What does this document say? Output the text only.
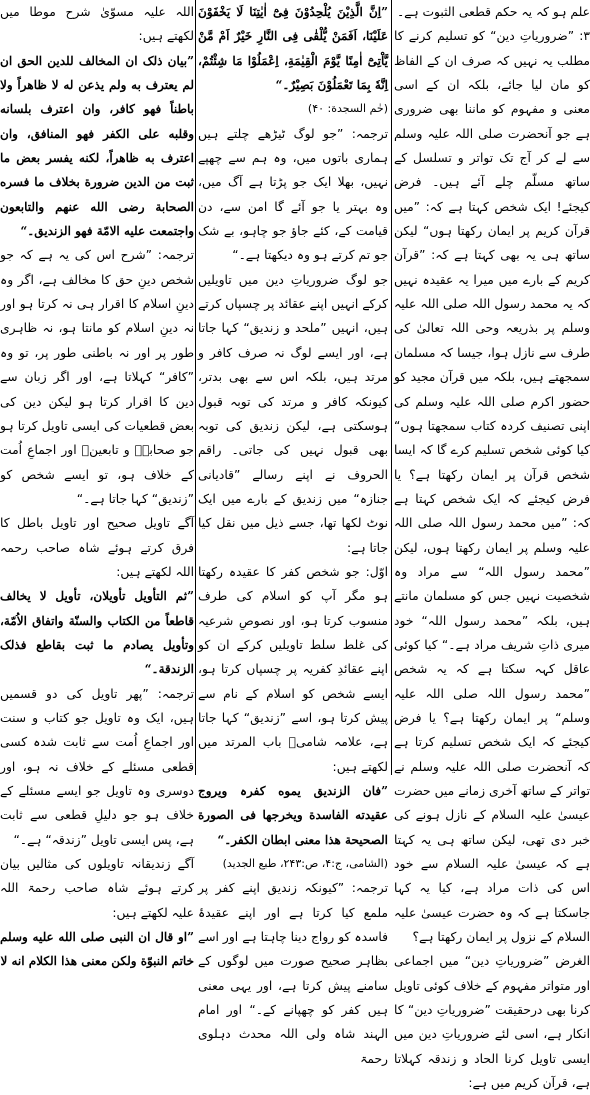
علم ہو کہ یہ حکم قطعی الثبوت ہے۔
۳: ”ضروریاتِ دین“ کو تسلیم کرنے کا مطلب یہ نہیں کہ صرف ان کے الفاظ کو مان لیا جائے، بلکہ ان کے اسی معنی و مفہوم کو ماننا بھی ضروری ہے جو آنحضرت صلی اللہ علیہ وسلم سے لے کر آج تک تواتر و تسلسل کے ساتھ مسلّم چلے آئے ہیں۔ فرض کیجئے! ایک شخص کہتا ہے کہ: ”میں قرآن کریم پر ایمان رکھتا ہوں“ لیکن ساتھ ہی یہ بھی کہتا ہے کہ: ”قرآن کریم کے بارے میں میرا یہ عقیدہ نہیں کہ یہ محمد رسول اللہ صلی اللہ علیہ وسلم پر بذریعہ وحی اللہ تعالیٰ کی طرف سے نازل ہوا، جیسا کہ مسلمان سمجھتے ہیں، بلکہ میں قرآن مجید کو حضور اکرم صلی اللہ علیہ وسلم کی اپنی تصنیف کردہ کتاب سمجھتا ہوں“ کیا کوئی شخص تسلیم کرے گا کہ ایسا شخص قرآن پر ایمان رکھتا ہے؟ یا فرض کیجئے کہ ایک شخص کہتا ہے کہ: ”میں محمد رسول اللہ صلی اللہ علیہ وسلم پر ایمان رکھتا ہوں، لیکن ”محمد رسول اللہ“ سے مراد وہ شخصیت نہیں جس کو مسلمان مانتے ہیں، بلکہ ”محمد رسول اللہ“ خود میری ذاتِ شریف مراد ہے۔“ کیا کوئی عاقل کہہ سکتا ہے کہ یہ شخص ”محمد رسول اللہ صلی اللہ علیہ وسلم“ پر ایمان رکھتا ہے؟ یا فرض کیجئے کہ ایک شخص تسلیم کرتا ہے کہ آنحضرت صلی اللہ علیہ وسلم نے تواتر کے ساتھ آخری زمانے میں حضرت عیسیٰ علیہ السلام کے نازل ہونے کی خبر دی تھی، لیکن ساتھ ہی یہ کہتا ہے کہ عیسیٰ علیہ السلام سے خود اس کی ذات مراد ہے، کیا یہ کہا جاسکتا ہے کہ وہ حضرت عیسیٰ علیہ السلام کے نزول پر ایمان رکھتا ہے؟
الغرض ”ضروریاتِ دین“ میں اجماعی اور متواتر مفہوم کے خلاف کوئی تاویل کرنا بھی درحقیقت ”ضروریاتِ دین“ کا انکار ہے، اسی لئے ضروریاتِ دین میں ایسی تاویل کرنا الحاد و زندقہ کہلاتا ہے، قرآن کریم میں ہے:
”اِنَّ الَّذِیْنَ یُلْحِدُوْنَ فِیْٓ اٰیٰتِنَا لَا یَخْفَوْنَ عَلَیْنَا، اَفَمَنْ یُّلْقٰی فِی النَّارِ خَیْرٌ اَمْ مَّنْ یَّاْتِیْٓ اٰمِنًا یَّوْمَ الْقِیٰمَةِ، اِعْمَلُوْا مَا شِئْتُمْ، اِنَّهٗ بِمَا تَعْمَلُوْنَ بَصِیْرٌ۔“
(حٰم السجدة: ۴۰)
ترجمہ: ”جو لوگ ٹیڑھے چلتے ہیں ہماری باتوں میں، وہ ہم سے چھپے نہیں، بھلا ایک جو پڑتا ہے آگ میں، وہ بہتر یا جو آئے گا امن سے، دن قیامت کے، کئے جاؤ جو چاہو، بے شک جو تم کرتے ہو وہ دیکھتا ہے۔“
جو لوگ ضروریاتِ دین میں تاویلیں کرکے انہیں اپنے عقائد پر چسپاں کرتے ہیں، انہیں ”ملحد و زندیق“ کہا جاتا ہے، اور ایسے لوگ نہ صرف کافر و مرتد ہیں، بلکہ اس سے بھی بدتر، کیونکہ کافر و مرتد کی توبہ قبول ہوسکتی ہے، لیکن زندیق کی توبہ بھی قبول نہیں کی جاتی۔ راقم الحروف نے اپنے رسالے ”قادیانی جنازہ“ میں زندیق کے بارے میں ایک نوٹ لکھا تھا، جسے ذیل میں نقل کیا جاتا ہے:
اوّل: جو شخص کفر کا عقیدہ رکھتا ہو مگر آپ کو اسلام کی طرف منسوب کرتا ہو، اور نصوصِ شرعیہ کی غلط سلط تاویلیں کرکے ان کو اپنے عقائدِ کفریہ پر چسپاں کرتا ہو، ایسے شخص کو اسلام کے نام سے پیش کرتا ہو، اسے ”زندیق“ کہا جاتا ہے، علامہ شامیؒ باب المرتد میں لکھتے ہیں:
”فان الزندیق یموه کفرہ ویروج عقیدته الفاسدة ویخرجها فی الصورة الصحیحة ھذا معنی ابطان الکفر۔“
(الشامی، ج:۴، ص:۲۴۳، طبع الجدید)
ترجمہ: ”کیونکہ زندیق اپنے کفر پر ملمع کیا کرتا ہے اور اپنے عقیدۂ فاسدہ کو رواج دینا چاہتا ہے اور اسے بظاہر صحیح صورت میں لوگوں کے سامنے پیش کرتا ہے، اور یہی معنی ہیں کفر کو چھپانے کے۔“ اور امام الہند شاہ ولی اللہ محدث دہلوی رحمۃ
اللہ علیہ مسوّیٰ شرح موطا میں لکھتے ہیں:
”بیان ذلک ان المخالف للدین الحق ان لم یعترف به ولم یذعن له لا ظاهراً ولا باطناً فهو کافر، وان اعترف بلسانه وقلبه علی الکفر فهو المنافق، وان اعترف به ظاهراً، لکنه یفسر بعض ما ثبت من الدین ضرورة بخلاف ما فسره الصحابة رضی الله عنهم والتابعون واجتمعت علیه الامّة فهو الزندیق۔“
ترجمہ: ”شرح اس کی یہ ہے کہ جو شخص دینِ حق کا مخالف ہے، اگر وہ دینِ اسلام کا اقرار ہی نہ کرتا ہو اور نہ دینِ اسلام کو مانتا ہو، نہ ظاہری طور پر اور نہ باطنی طور پر، تو وہ ”کافر“ کہلاتا ہے، اور اگر زبان سے دین کا اقرار کرتا ہو لیکن دین کی بعض قطعیات کی ایسی تاویل کرتا ہو جو صحابہؓ و تابعینؒ اور اجماعِ اُمت کے خلاف ہو، تو ایسے شخص کو ”زندیق“ کہا جاتا ہے۔“
آگے تاویل صحیح اور تاویل باطل کا فرق کرتے ہوئے شاہ صاحب رحمہ اللہ لکھتے ہیں:
”ثم التأویل تأویلان، تأویل لا یخالف قاطعاً من الکتاب والسنّة واتفاق الاُمّة، وتأویل یصادم ما ثبت بقاطع فذلک الزندقة۔“
ترجمہ: ”پھر تاویل کی دو قسمیں ہیں، ایک وہ تاویل جو کتاب و سنت اور اجماعِ اُمت سے ثابت شدہ کسی قطعی مسئلے کے خلاف نہ ہو، اور دوسری وہ تاویل جو ایسے مسئلے کے خلاف ہو جو دلیلِ قطعی سے ثابت ہے، پس ایسی تاویل ”زندقہ“ ہے۔“
آگے زندیقانہ تاویلوں کی مثالیں بیان کرتے ہوئے شاہ صاحب رحمۃ اللہ علیہ لکھتے ہیں:
”او قال ان النبی صلی الله علیه وسلم خاتم النبوّة ولکن معنی ھذا الکلام انه لا
